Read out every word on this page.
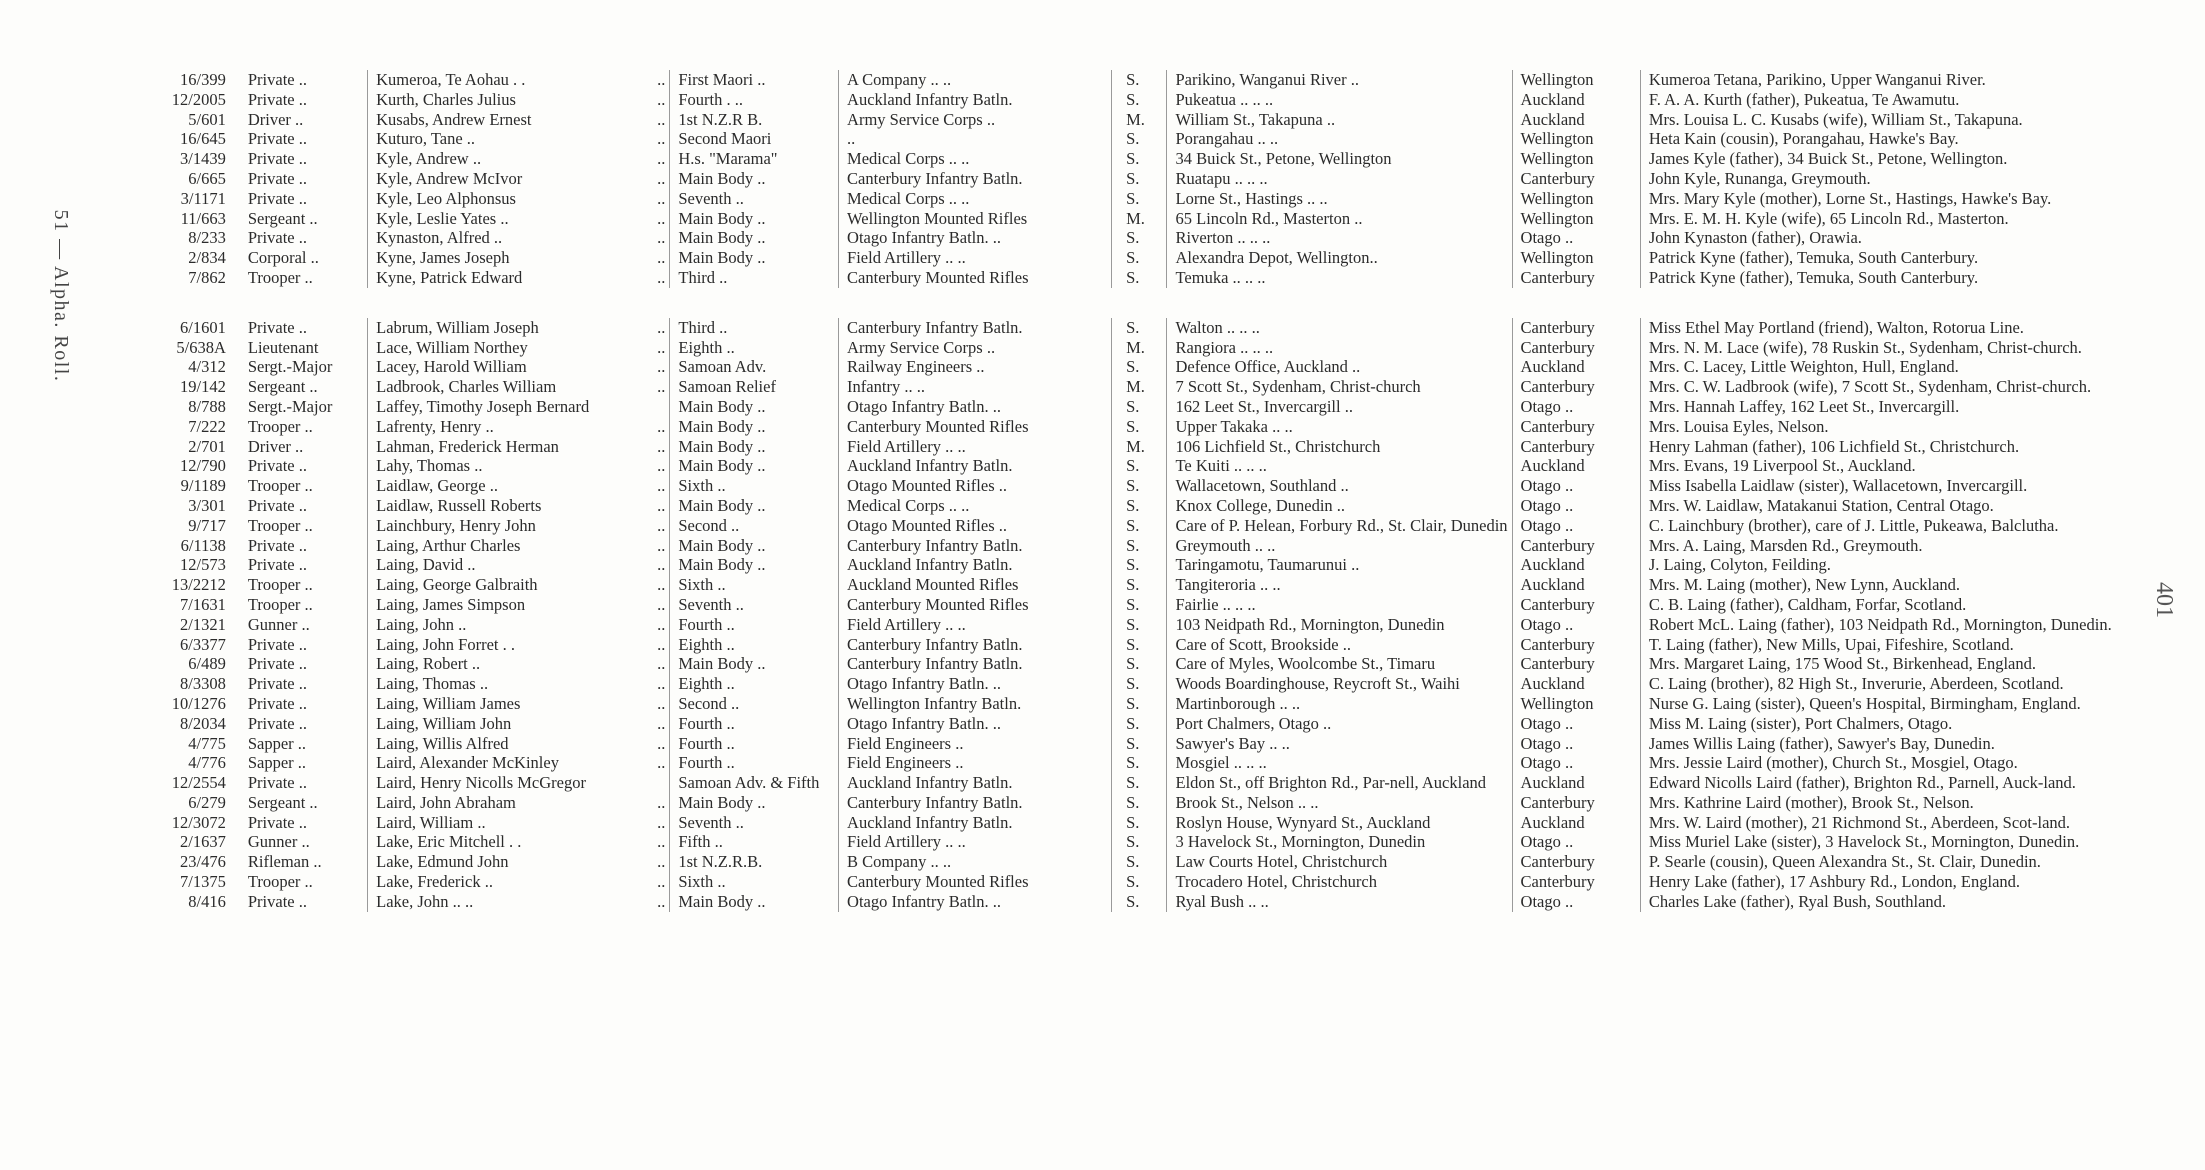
51 — Alpha. Roll.
401
16/399	Private ..	Kumeroa, Te Aohau . . ..	First Maori ..	A Company .. ..	S.	Parikino, Wanganui River ..	Wellington	Kumeroa Tetana, Parikino, Upper Wanganui River.
12/2005	Private ..	Kurth, Charles Julius ..	Fourth . ..	Auckland Infantry Batln.	S.	Pukeatua .. .. ..	Auckland	F. A. A. Kurth (father), Pukeatua, Te Awamutu.
5/601	Driver ..	Kusabs, Andrew Ernest ..	1st N.Z.R B.	Army Service Corps ..	M.	William St., Takapuna ..	Auckland	Mrs. Louisa L. C. Kusabs (wife), William St., Takapuna.
16/645	Private ..	Kuturo, Tane .. ..	Second Maori	..	S.	Porangahau .. ..	Wellington	Heta Kain (cousin), Porangahau, Hawke's Bay.
3/1439	Private ..	Kyle, Andrew .. ..	H.s. "Marama"	Medical Corps .. ..	S.	34 Buick St., Petone, Wellington	Wellington	James Kyle (father), 34 Buick St., Petone, Wellington.
6/665	Private ..	Kyle, Andrew McIvor ..	Main Body ..	Canterbury Infantry Batln.	S.	Ruatapu .. .. ..	Canterbury	John Kyle, Runanga, Greymouth.
3/1171	Private ..	Kyle, Leo Alphonsus ..	Seventh ..	Medical Corps .. ..	S.	Lorne St., Hastings .. ..	Wellington	Mrs. Mary Kyle (mother), Lorne St., Hastings, Hawke's Bay.
11/663	Sergeant ..	Kyle, Leslie Yates .. ..	Main Body ..	Wellington Mounted Rifles	M.	65 Lincoln Rd., Masterton ..	Wellington	Mrs. E. M. H. Kyle (wife), 65 Lincoln Rd., Masterton.
8/233	Private ..	Kynaston, Alfred .. ..	Main Body ..	Otago Infantry Batln. ..	S.	Riverton .. .. ..	Otago ..	John Kynaston (father), Orawia.
2/834	Corporal ..	Kyne, James Joseph ..	Main Body ..	Field Artillery .. ..	S.	Alexandra Depot, Wellington..	Wellington	Patrick Kyne (father), Temuka, South Canterbury.
7/862	Trooper ..	Kyne, Patrick Edward ..	Third ..	Canterbury Mounted Rifles	S.	Temuka .. .. ..	Canterbury	Patrick Kyne (father), Temuka, South Canterbury.

6/1601	Private ..	Labrum, William Joseph ..	Third ..	Canterbury Infantry Batln.	S.	Walton .. .. ..	Canterbury	Miss Ethel May Portland (friend), Walton, Rotorua Line.
5/638A	Lieutenant	Lace, William Northey ..	Eighth ..	Army Service Corps ..	M.	Rangiora .. .. ..	Canterbury	Mrs. N. M. Lace (wife), 78 Ruskin St., Sydenham, Christ-church.
4/312	Sergt.-Major	Lacey, Harold William ..	Samoan Adv.	Railway Engineers ..	S.	Defence Office, Auckland ..	Auckland	Mrs. C. Lacey, Little Weighton, Hull, England.
19/142	Sergeant ..	Ladbrook, Charles William ..	Samoan Relief	Infantry .. ..	M.	7 Scott St., Sydenham, Christ-church	Canterbury	Mrs. C. W. Ladbrook (wife), 7 Scott St., Sydenham, Christ-church.
8/788	Sergt.-Major	Laffey, Timothy Joseph Bernard	Main Body ..	Otago Infantry Batln. ..	S.	162 Leet St., Invercargill ..	Otago ..	Mrs. Hannah Laffey, 162 Leet St., Invercargill.
7/222	Trooper ..	Lafrenty, Henry .. ..	Main Body ..	Canterbury Mounted Rifles	S.	Upper Takaka .. ..	Canterbury	Mrs. Louisa Eyles, Nelson.
2/701	Driver ..	Lahman, Frederick Herman ..	Main Body ..	Field Artillery .. ..	M.	106 Lichfield St., Christchurch	Canterbury	Henry Lahman (father), 106 Lichfield St., Christchurch.
12/790	Private ..	Lahy, Thomas .. ..	Main Body ..	Auckland Infantry Batln.	S.	Te Kuiti .. .. ..	Auckland	Mrs. Evans, 19 Liverpool St., Auckland.
9/1189	Trooper ..	Laidlaw, George .. ..	Sixth ..	Otago Mounted Rifles ..	S.	Wallacetown, Southland ..	Otago ..	Miss Isabella Laidlaw (sister), Wallacetown, Invercargill.
3/301	Private ..	Laidlaw, Russell Roberts ..	Main Body ..	Medical Corps .. ..	S.	Knox College, Dunedin ..	Otago ..	Mrs. W. Laidlaw, Matakanui Station, Central Otago.
9/717	Trooper ..	Lainchbury, Henry John ..	Second ..	Otago Mounted Rifles ..	S.	Care of P. Helean, Forbury Rd., St. Clair, Dunedin	Otago ..	C. Lainchbury (brother), care of J. Little, Pukeawa, Balclutha.
6/1138	Private ..	Laing, Arthur Charles ..	Main Body ..	Canterbury Infantry Batln.	S.	Greymouth .. ..	Canterbury	Mrs. A. Laing, Marsden Rd., Greymouth.
12/573	Private ..	Laing, David .. ..	Main Body ..	Auckland Infantry Batln.	S.	Taringamotu, Taumarunui ..	Auckland	J. Laing, Colyton, Feilding.
13/2212	Trooper ..	Laing, George Galbraith ..	Sixth ..	Auckland Mounted Rifles	S.	Tangiteroria .. ..	Auckland	Mrs. M. Laing (mother), New Lynn, Auckland.
7/1631	Trooper ..	Laing, James Simpson ..	Seventh ..	Canterbury Mounted Rifles	S.	Fairlie .. .. ..	Canterbury	C. B. Laing (father), Caldham, Forfar, Scotland.
2/1321	Gunner ..	Laing, John .. ..	Fourth ..	Field Artillery .. ..	S.	103 Neidpath Rd., Mornington, Dunedin	Otago ..	Robert McL. Laing (father), 103 Neidpath Rd., Mornington, Dunedin.
6/3377	Private ..	Laing, John Forret . . ..	Eighth ..	Canterbury Infantry Batln.	S.	Care of Scott, Brookside ..	Canterbury	T. Laing (father), New Mills, Upai, Fifeshire, Scotland.
6/489	Private ..	Laing, Robert .. ..	Main Body ..	Canterbury Infantry Batln.	S.	Care of Myles, Woolcombe St., Timaru	Canterbury	Mrs. Margaret Laing, 175 Wood St., Birkenhead, England.
8/3308	Private ..	Laing, Thomas .. ..	Eighth ..	Otago Infantry Batln. ..	S.	Woods Boardinghouse, Reycroft St., Waihi	Auckland	C. Laing (brother), 82 High St., Inverurie, Aberdeen, Scotland.
10/1276	Private ..	Laing, William James ..	Second ..	Wellington Infantry Batln.	S.	Martinborough .. ..	Wellington	Nurse G. Laing (sister), Queen's Hospital, Birmingham, England.
8/2034	Private ..	Laing, William John ..	Fourth ..	Otago Infantry Batln. ..	S.	Port Chalmers, Otago ..	Otago ..	Miss M. Laing (sister), Port Chalmers, Otago.
4/775	Sapper ..	Laing, Willis Alfred ..	Fourth ..	Field Engineers ..	S.	Sawyer's Bay .. ..	Otago ..	James Willis Laing (father), Sawyer's Bay, Dunedin.
4/776	Sapper ..	Laird, Alexander McKinley ..	Fourth ..	Field Engineers ..	S.	Mosgiel .. .. ..	Otago ..	Mrs. Jessie Laird (mother), Church St., Mosgiel, Otago.
12/2554	Private ..	Laird, Henry Nicolls McGregor	Samoan Adv. & Fifth	Auckland Infantry Batln.	S.	Eldon St., off Brighton Rd., Par-nell, Auckland	Auckland	Edward Nicolls Laird (father), Brighton Rd., Parnell, Auck-land.
6/279	Sergeant ..	Laird, John Abraham ..	Main Body ..	Canterbury Infantry Batln.	S.	Brook St., Nelson .. ..	Canterbury	Mrs. Kathrine Laird (mother), Brook St., Nelson.
12/3072	Private ..	Laird, William .. ..	Seventh ..	Auckland Infantry Batln.	S.	Roslyn House, Wynyard St., Auckland	Auckland	Mrs. W. Laird (mother), 21 Richmond St., Aberdeen, Scot-land.
2/1637	Gunner ..	Lake, Eric Mitchell . . ..	Fifth ..	Field Artillery .. ..	S.	3 Havelock St., Mornington, Dunedin	Otago ..	Miss Muriel Lake (sister), 3 Havelock St., Mornington, Dunedin.
23/476	Rifleman ..	Lake, Edmund John ..	1st N.Z.R.B.	B Company .. ..	S.	Law Courts Hotel, Christchurch	Canterbury	P. Searle (cousin), Queen Alexandra St., St. Clair, Dunedin.
7/1375	Trooper ..	Lake, Frederick .. ..	Sixth ..	Canterbury Mounted Rifles	S.	Trocadero Hotel, Christchurch	Canterbury	Henry Lake (father), 17 Ashbury Rd., London, England.
8/416	Private ..	Lake, John .. .. ..	Main Body ..	Otago Infantry Batln. ..	S.	Ryal Bush .. ..	Otago ..	Charles Lake (father), Ryal Bush, Southland.
